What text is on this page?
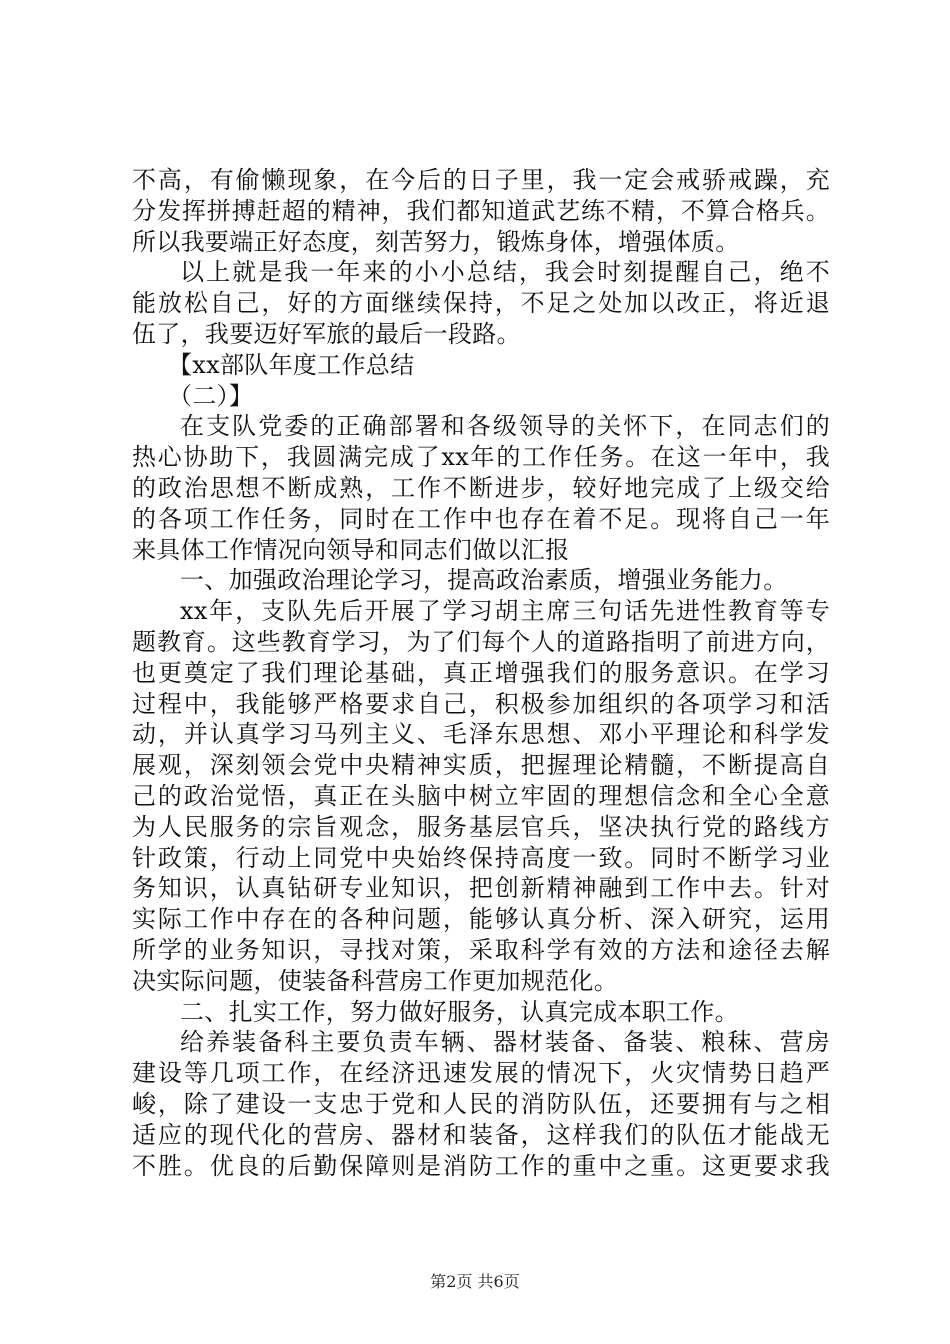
不高，有偷懒现象，在今后的日子里，我一定会戒骄戒躁，充
分发挥拼搏赶超的精神，我们都知道武艺练不精，不算合格兵。
所以我要端正好态度，刻苦努力，锻炼身体，增强体质。
以上就是我一年来的小小总结，我会时刻提醒自己，绝不
能放松自己，好的方面继续保持，不足之处加以改正，将近退
伍了，我要迈好军旅的最后一段路。
【xx部队年度工作总结
（二）】
在支队党委的正确部署和各级领导的关怀下，在同志们的
热心协助下，我圆满完成了xx年的工作任务。在这一年中，我
的政治思想不断成熟，工作不断进步，较好地完成了上级交给
的各项工作任务，同时在工作中也存在着不足。现将自己一年
来具体工作情况向领导和同志们做以汇报
一、加强政治理论学习，提高政治素质，增强业务能力。
xx年，支队先后开展了学习胡主席三句话先进性教育等专
题教育。这些教育学习，为了们每个人的道路指明了前进方向，
也更奠定了我们理论基础，真正增强我们的服务意识。在学习
过程中，我能够严格要求自己，积极参加组织的各项学习和活
动，并认真学习马列主义、毛泽东思想、邓小平理论和科学发
展观，深刻领会党中央精神实质，把握理论精髓，不断提高自
己的政治觉悟，真正在头脑中树立牢固的理想信念和全心全意
为人民服务的宗旨观念，服务基层官兵，坚决执行党的路线方
针政策，行动上同党中央始终保持高度一致。同时不断学习业
务知识，认真钻研专业知识，把创新精神融到工作中去。针对
实际工作中存在的各种问题，能够认真分析、深入研究，运用
所学的业务知识，寻找对策，采取科学有效的方法和途径去解
决实际问题，使装备科营房工作更加规范化。
二、扎实工作，努力做好服务，认真完成本职工作。
给养装备科主要负责车辆、器材装备、备装、粮秣、营房
建设等几项工作，在经济迅速发展的情况下，火灾情势日趋严
峻，除了建设一支忠于党和人民的消防队伍，还要拥有与之相
适应的现代化的营房、器材和装备，这样我们的队伍才能战无
不胜。优良的后勤保障则是消防工作的重中之重。这更要求我
第2页 共6页
